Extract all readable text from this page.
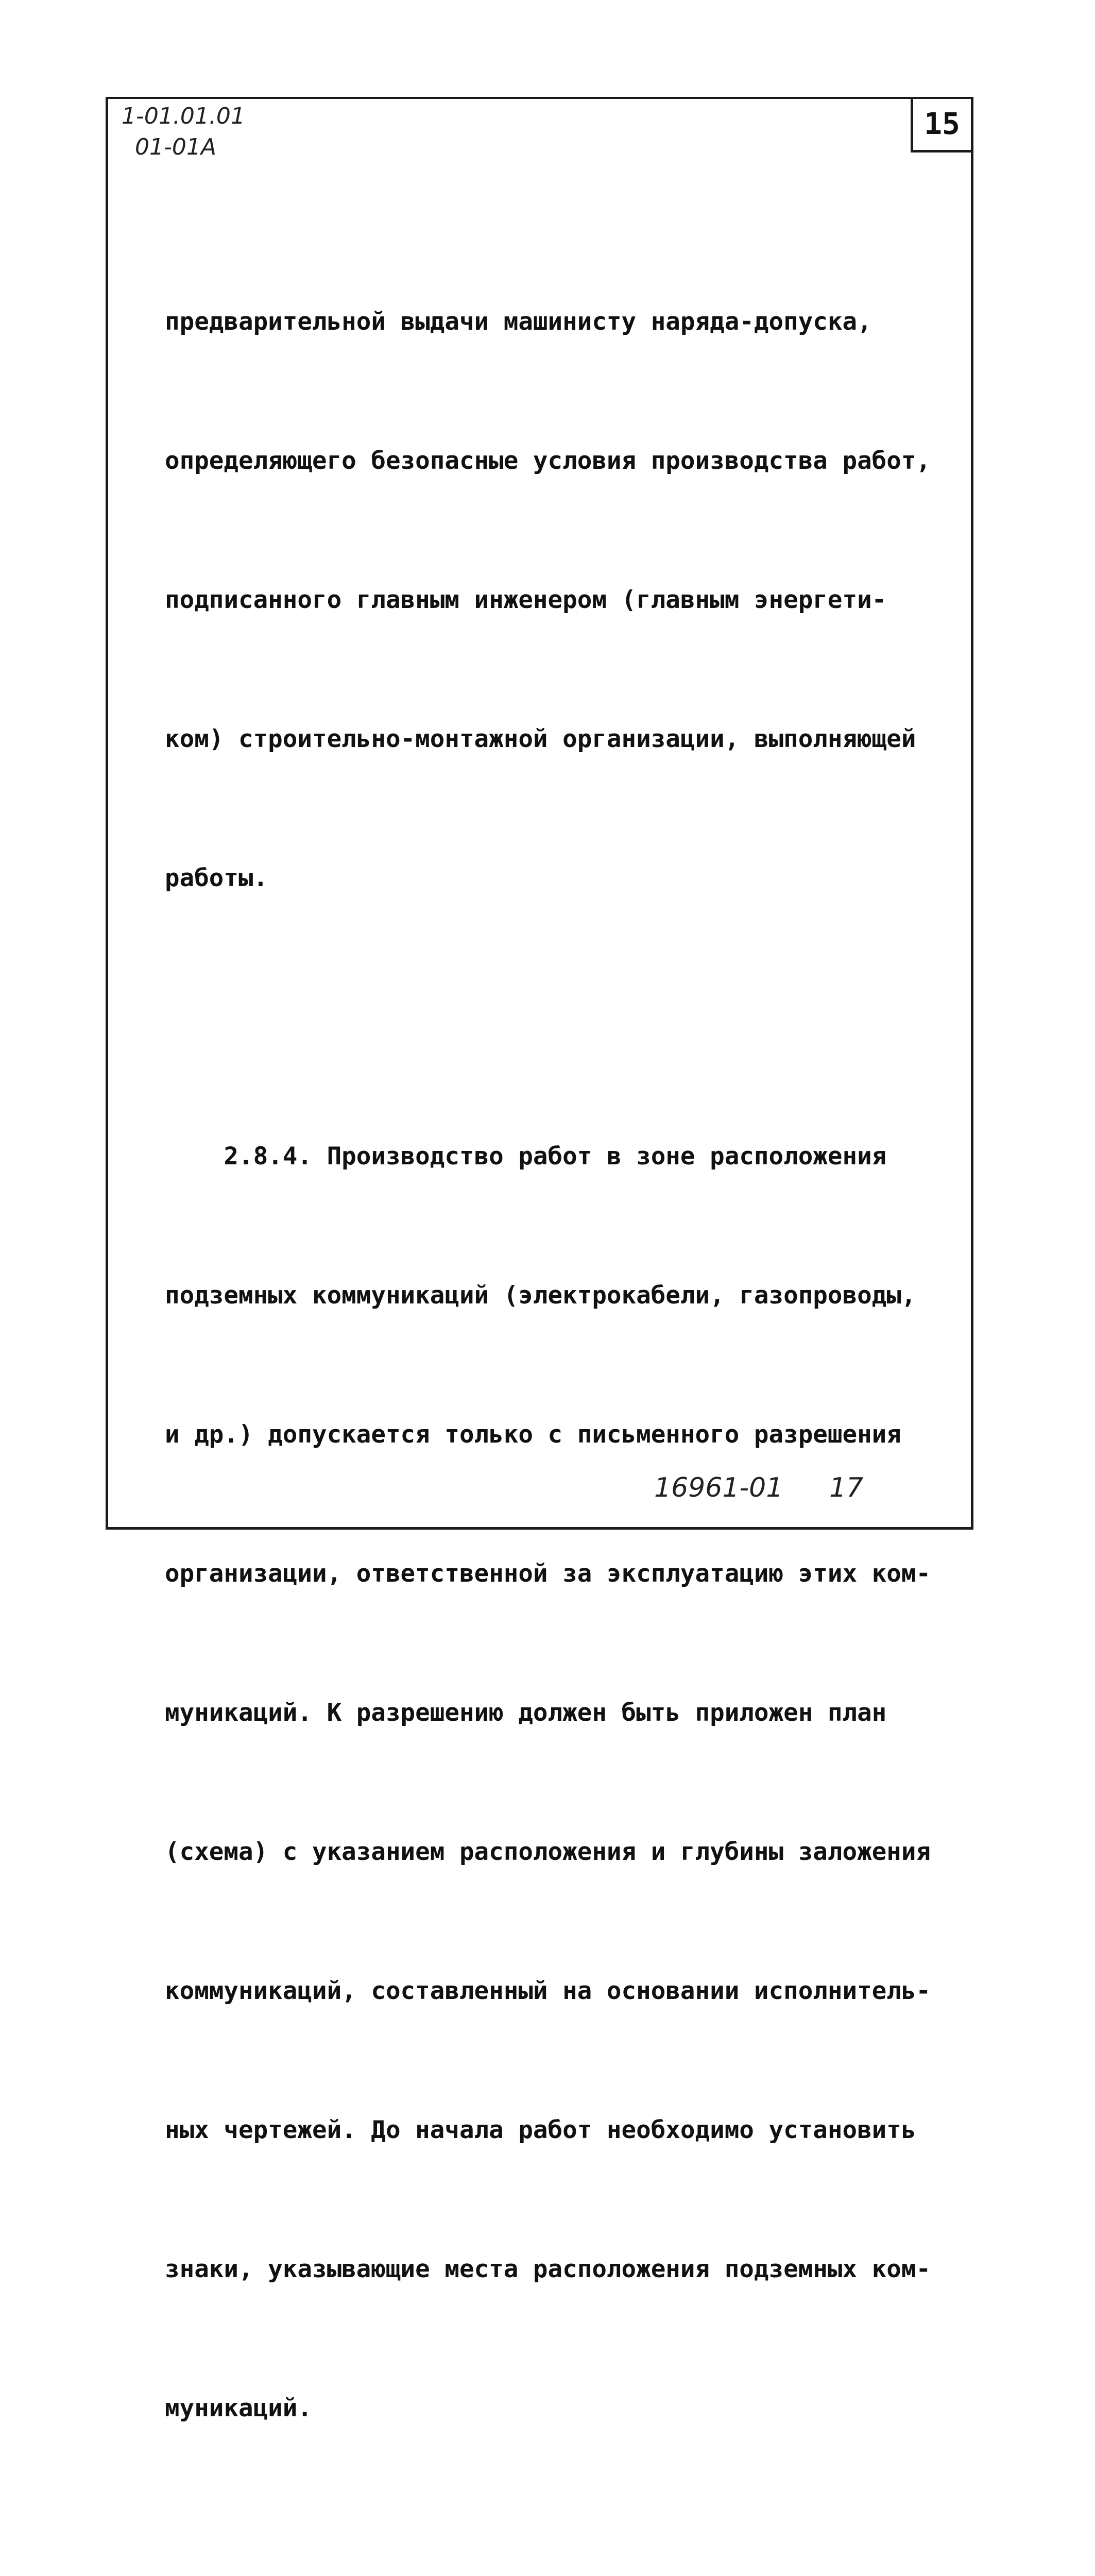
1-01.01.01
01-01А
15

предварительной выдачи машинисту наряда-допуска,

определяющего безопасные условия производства работ,

подписанного главным инженером (главным энергети-

ком) строительно-монтажной организации, выполняющей

работы.

2.8.4. Производство работ в зоне расположения

подземных коммуникаций (электрокабели, газопроводы,

и др.) допускается только с письменного разрешения

организации, ответственной за эксплуатацию этих ком-

муникаций. К разрешению должен быть приложен план

(схема) с указанием расположения и глубины заложения

коммуникаций, составленный на основании исполнитель-

ных чертежей. До начала работ необходимо установить

знаки, указывающие места расположения подземных ком-

муникаций.

16961-01 17
